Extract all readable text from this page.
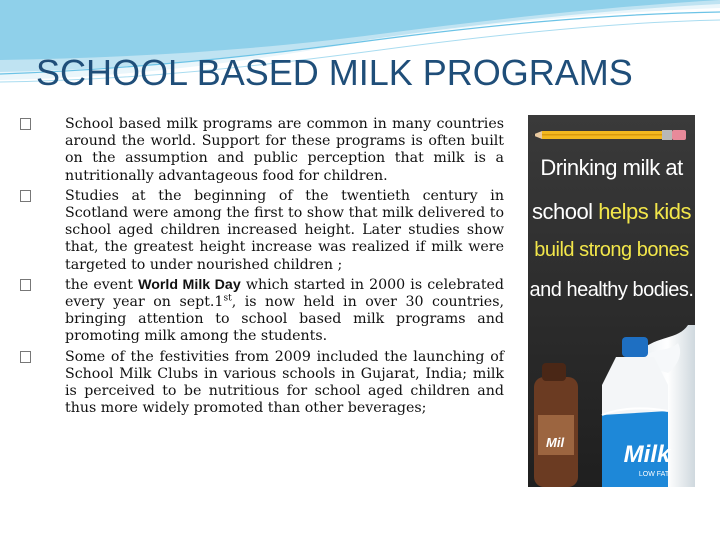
SCHOOL BASED MILK PROGRAMS

School based milk programs are common in many countries around the world. Support for these programs is often built on the assumption and public perception that milk is a nutritionally advantageous food for children.

Studies at the beginning of the twentieth century in Scotland were among the first to show that milk delivered to school aged children increased height. Later studies show that, the greatest height increase was realized if milk were targeted to under nourished children ;

the event World Milk Day which started in 2000 is celebrated every year on sept.1st, is now held in over 30 countries, bringing attention to school based milk programs and promoting milk among the students.

Some of the festivities from 2009 included the launching of School Milk Clubs in various schools in Gujarat, India; milk is perceived to be nutritious for school aged children and thus more widely promoted than other beverages;

Drinking milk at
school helps kids
build strong bones
and healthy bodies.
Milk
LOW FAT
Mil
